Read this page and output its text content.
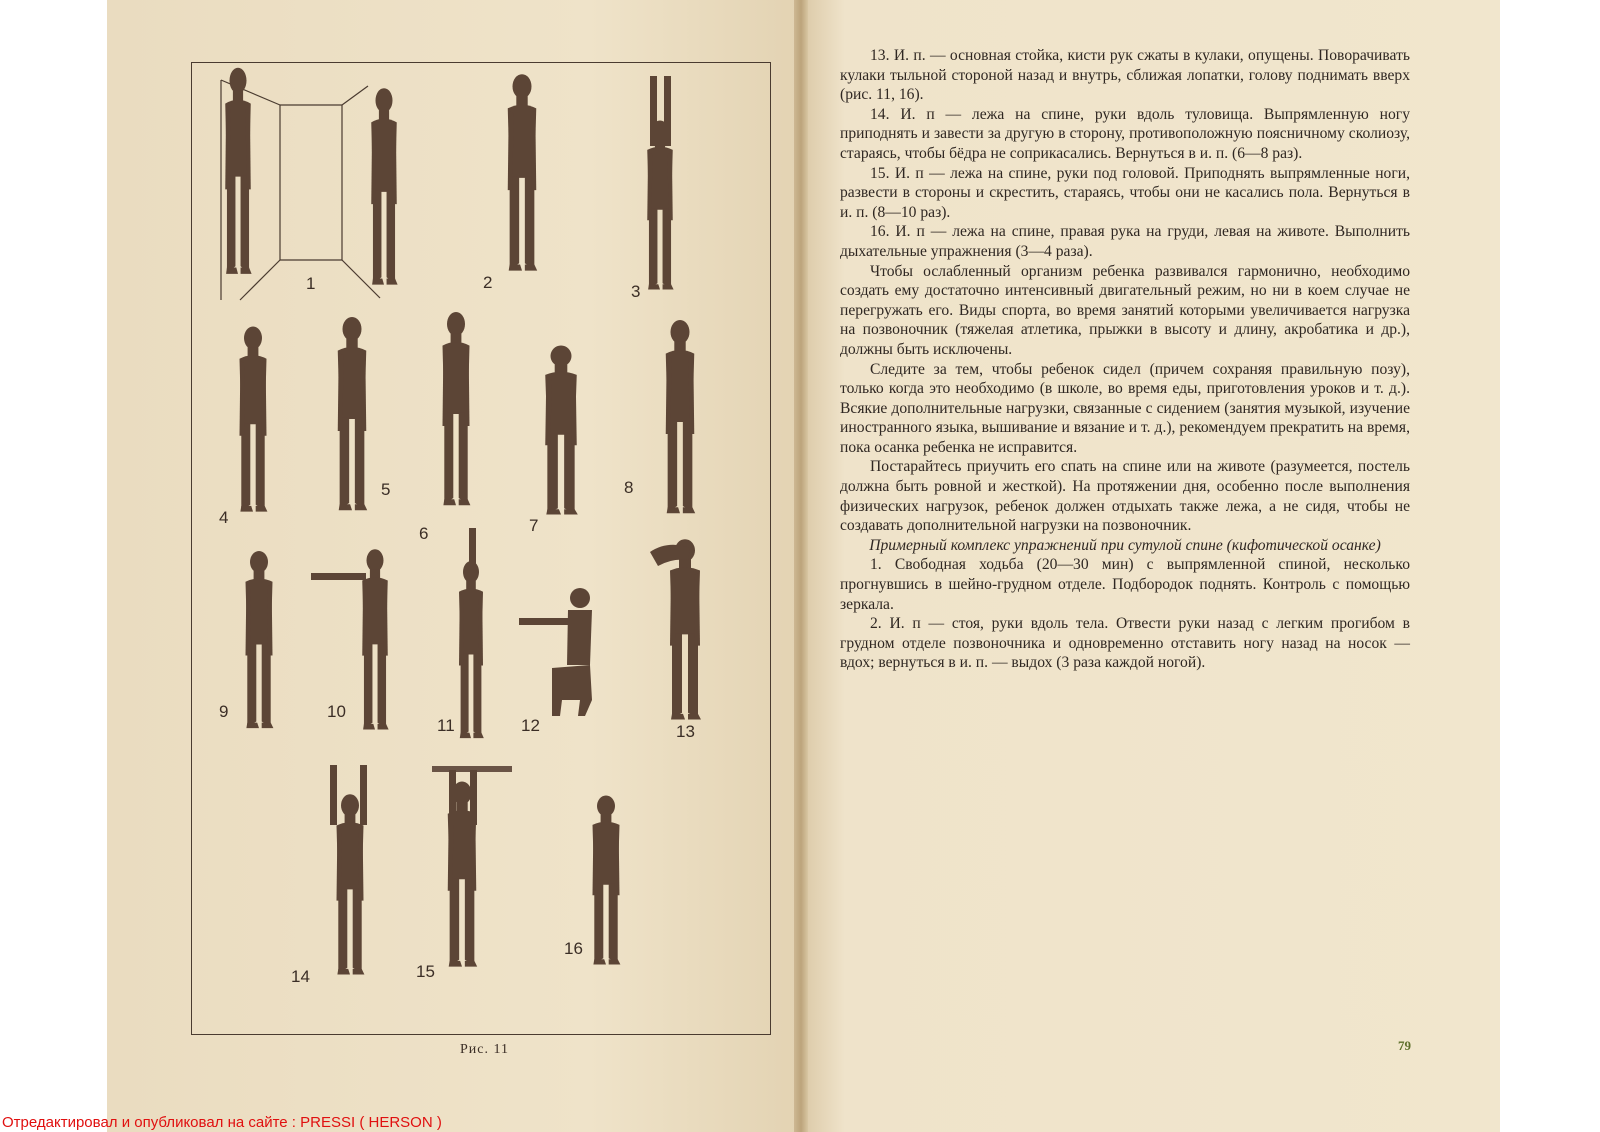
1	2	3
4
5
6	7
8
9	10
11	12	13
14	15
16
Рис. 11

13. И. п. — основная стойка, кисти рук сжаты в кулаки, опущены. Поворачивать кулаки тыльной стороной назад и внутрь, сближая лопатки, голову поднимать вверх (рис. 11, 16).

14. И. п — лежа на спине, руки вдоль туловища. Выпрямленную ногу приподнять и завести за другую в сторону, противоположную поясничному сколиозу, стараясь, чтобы бёдра не соприкасались. Вернуться в и. п. (6—8 раз).

15. И. п — лежа на спине, руки под головой. Приподнять выпрямленные ноги, развести в стороны и скрестить, стараясь, чтобы они не касались пола. Вернуться в и. п. (8—10 раз).

16. И. п — лежа на спине, правая рука на груди, левая на животе. Выполнить дыхательные упражнения (3—4 раза).

Чтобы ослабленный организм ребенка развивался гармонично, необходимо создать ему достаточно интенсивный двигательный режим, но ни в коем случае не перегружать его. Виды спорта, во время занятий которыми увеличивается нагрузка на позвоночник (тяжелая атлетика, прыжки в высоту и длину, акробатика и др.), должны быть исключены.

Следите за тем, чтобы ребенок сидел (причем сохраняя правильную позу), только когда это необходимо (в школе, во время еды, приготовления уроков и т. д.). Всякие дополнительные нагрузки, связанные с сидением (занятия музыкой, изучение иностранного языка, вышивание и вязание и т. д.), рекомендуем прекратить на время, пока осанка ребенка не исправится.

Постарайтесь приучить его спать на спине или на животе (разумеется, постель должна быть ровной и жесткой). На протяжении дня, особенно после выполнения физических нагрузок, ребенок должен отдыхать также лежа, а не сидя, чтобы не создавать дополнительной нагрузки на позвоночник.

Примерный комплекс упражнений при сутулой спине (кифотической осанке)

1. Свободная ходьба (20—30 мин) с выпрямленной спиной, несколько прогнувшись в шейно-грудном отделе. Подбородок поднять. Контроль с помощью зеркала.

2. И. п — стоя, руки вдоль тела. Отвести руки назад с легким прогибом в грудном отделе позвоночника и одновременно отставить ногу назад на носок — вдох; вернуться в и. п. — выдох (3 раза каждой ногой).

79
Отредактировал и опубликовал на сайте : PRESSI ( HERSON )
